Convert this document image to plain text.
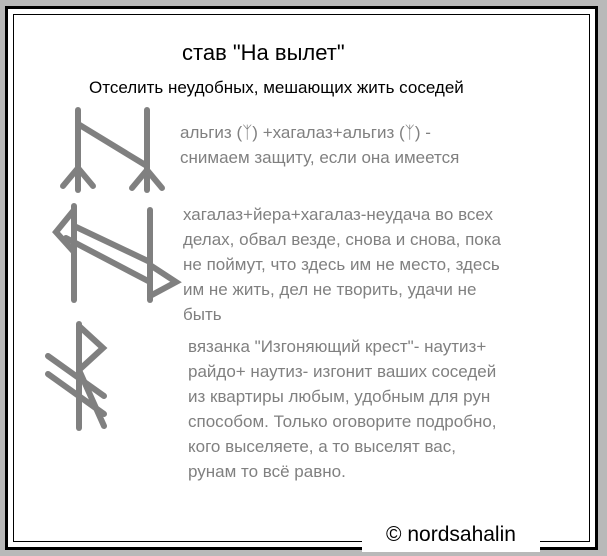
став "На вылет"
Отселить неудобных, мешающих жить соседей
альгиз (ᛉ) +хагалаз+альгиз (ᛉ) -
снимаем защиту, если она имеется
хагалаз+йера+хагалаз-неудача во всех
делах, обвал везде, снова и снова, пока
не поймут, что здесь им не место, здесь
им не жить, дел не творить, удачи не
быть
вязанка "Изгоняющий крест"- наутиз+
райдо+ наутиз- изгонит ваших соседей
из квартиры любым, удобным для рун
способом. Только оговорите подробно,
кого выселяете, а то выселят вас,
рунам то всё равно.
© nordsahalin
